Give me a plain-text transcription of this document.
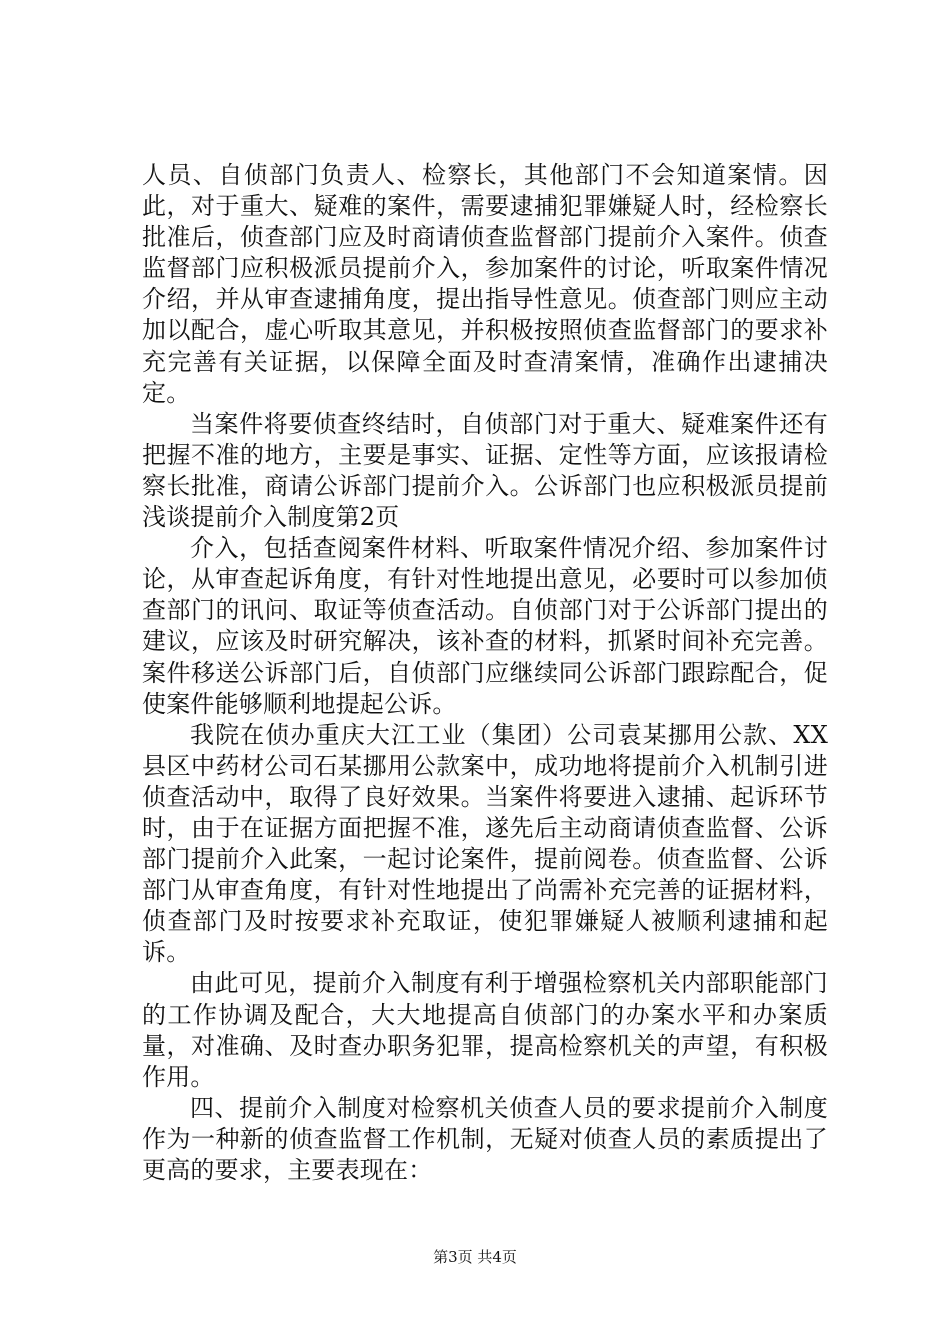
人员、自侦部门负责人、检察长，其他部门不会知道案情。因此，对于重大、疑难的案件，需要逮捕犯罪嫌疑人时，经检察长批准后，侦查部门应及时商请侦查监督部门提前介入案件。侦查监督部门应积极派员提前介入，参加案件的讨论，听取案件情况介绍，并从审查逮捕角度，提出指导性意见。侦查部门则应主动加以配合，虚心听取其意见，并积极按照侦查监督部门的要求补充完善有关证据，以保障全面及时查清案情，准确作出逮捕决定。

当案件将要侦查终结时，自侦部门对于重大、疑难案件还有把握不准的地方，主要是事实、证据、定性等方面，应该报请检察长批准，商请公诉部门提前介入。公诉部门也应积极派员提前浅谈提前介入制度第2页

介入，包括查阅案件材料、听取案件情况介绍、参加案件讨论，从审查起诉角度，有针对性地提出意见，必要时可以参加侦查部门的讯问、取证等侦查活动。自侦部门对于公诉部门提出的建议，应该及时研究解决，该补查的材料，抓紧时间补充完善。案件移送公诉部门后，自侦部门应继续同公诉部门跟踪配合，促使案件能够顺利地提起公诉。

我院在侦办重庆大江工业（集团）公司袁某挪用公款、XX县区中药材公司石某挪用公款案中，成功地将提前介入机制引进侦查活动中，取得了良好效果。当案件将要进入逮捕、起诉环节时，由于在证据方面把握不准，遂先后主动商请侦查监督、公诉部门提前介入此案，一起讨论案件，提前阅卷。侦查监督、公诉部门从审查角度，有针对性地提出了尚需补充完善的证据材料，侦查部门及时按要求补充取证，使犯罪嫌疑人被顺利逮捕和起诉。

由此可见，提前介入制度有利于增强检察机关内部职能部门的工作协调及配合，大大地提高自侦部门的办案水平和办案质量，对准确、及时查办职务犯罪，提高检察机关的声望，有积极作用。

四、提前介入制度对检察机关侦查人员的要求提前介入制度作为一种新的侦查监督工作机制，无疑对侦查人员的素质提出了更高的要求，主要表现在：

第3页 共4页
